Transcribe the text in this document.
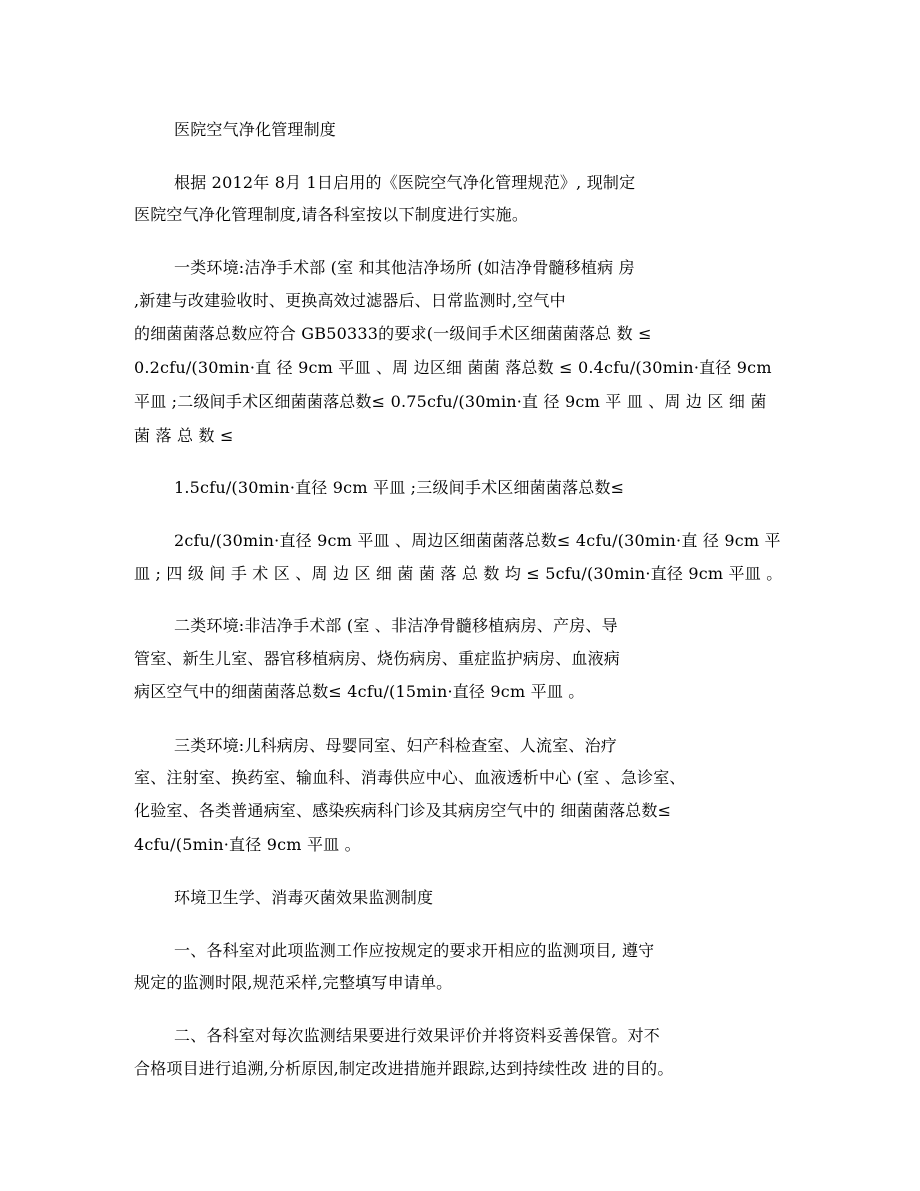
医院空气净化管理制度

根据 2012年 8月 1日启用的《医院空气净化管理规范》, 现制定

医院空气净化管理制度,请各科室按以下制度进行实施。

一类环境:洁净手术部 (室 和其他洁净场所 (如洁净骨髓移植病 房

,新建与改建验收时、更换高效过滤器后、日常监测时,空气中

的细菌菌落总数应符合 GB50333的要求(一级间手术区细菌菌落总 数 ≤

0.2cfu/(30min·直 径 9cm 平皿 、周 边区细 菌菌 落总数 ≤ 0.4cfu/(30min·直径 9cm

平皿 ;二级间手术区细菌菌落总数≤ 0.75cfu/(30min·直 径 9cm 平 皿 、周 边 区 细 菌

菌 落 总 数 ≤

1.5cfu/(30min·直径 9cm 平皿 ;三级间手术区细菌菌落总数≤

2cfu/(30min·直径 9cm 平皿 、周边区细菌菌落总数≤ 4cfu/(30min·直 径 9cm 平

皿 ; 四 级 间 手 术 区 、周 边 区 细 菌 菌 落 总 数 均 ≤ 5cfu/(30min·直径 9cm 平皿 。

二类环境:非洁净手术部 (室 、非洁净骨髓移植病房、产房、导

管室、新生儿室、器官移植病房、烧伤病房、重症监护病房、血液病

病区空气中的细菌菌落总数≤ 4cfu/(15min·直径 9cm 平皿 。

三类环境:儿科病房、母婴同室、妇产科检查室、人流室、治疗

室、注射室、换药室、输血科、消毒供应中心、血液透析中心 (室 、急诊室、

化验室、各类普通病室、感染疾病科门诊及其病房空气中的 细菌菌落总数≤

4cfu/(5min·直径 9cm 平皿 。

环境卫生学、消毒灭菌效果监测制度

一、各科室对此项监测工作应按规定的要求开相应的监测项目, 遵守

规定的监测时限,规范采样,完整填写申请单。

二、各科室对每次监测结果要进行效果评价并将资料妥善保管。对不

合格项目进行追溯,分析原因,制定改进措施并跟踪,达到持续性改 进的目的。
